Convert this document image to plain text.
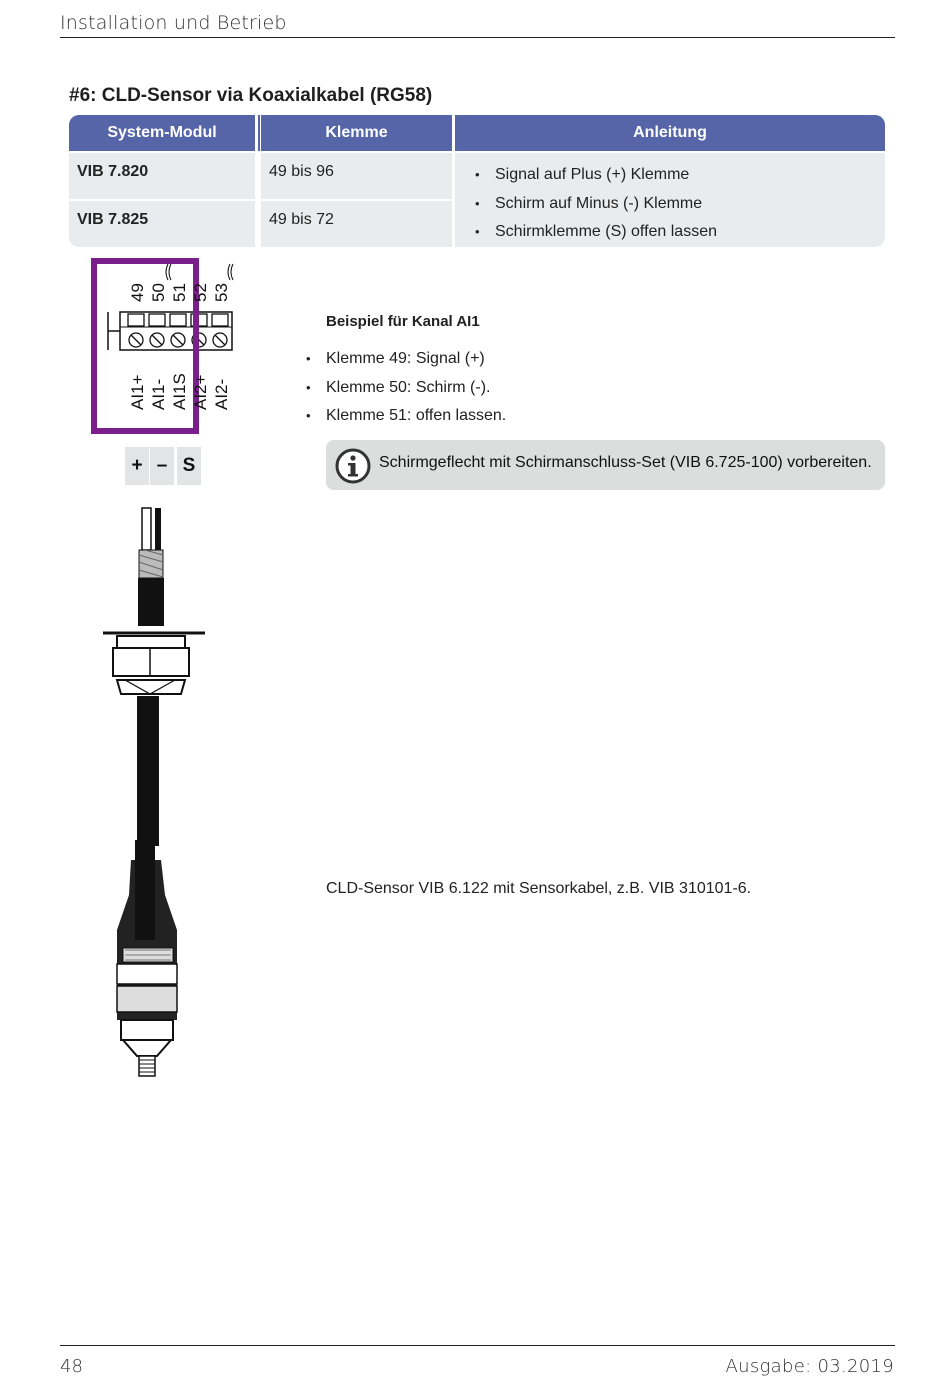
Installation und Betrieb
#6: CLD-Sensor via Koaxialkabel (RG58)
System-Modul	Klemme	Anleitung
VIB 7.820	49 bis 96
VIB 7.825	49 bis 72
• Signal auf Plus (+) Klemme
• Schirm auf Minus (-) Klemme
• Schirmklemme (S) offen lassen
49 50 51 52 53
AI1+ AI1- AI1S AI2+ AI2-
+ – S
Beispiel für Kanal AI1
• Klemme 49: Signal (+)
• Klemme 50: Schirm (-).
• Klemme 51: offen lassen.
Schirmgeflecht mit Schirmanschluss-Set (VIB 6.725-100) vorbereiten.
CLD-Sensor VIB 6.122 mit Sensorkabel, z.B. VIB 310101-6.
48	Ausgabe: 03.2019
